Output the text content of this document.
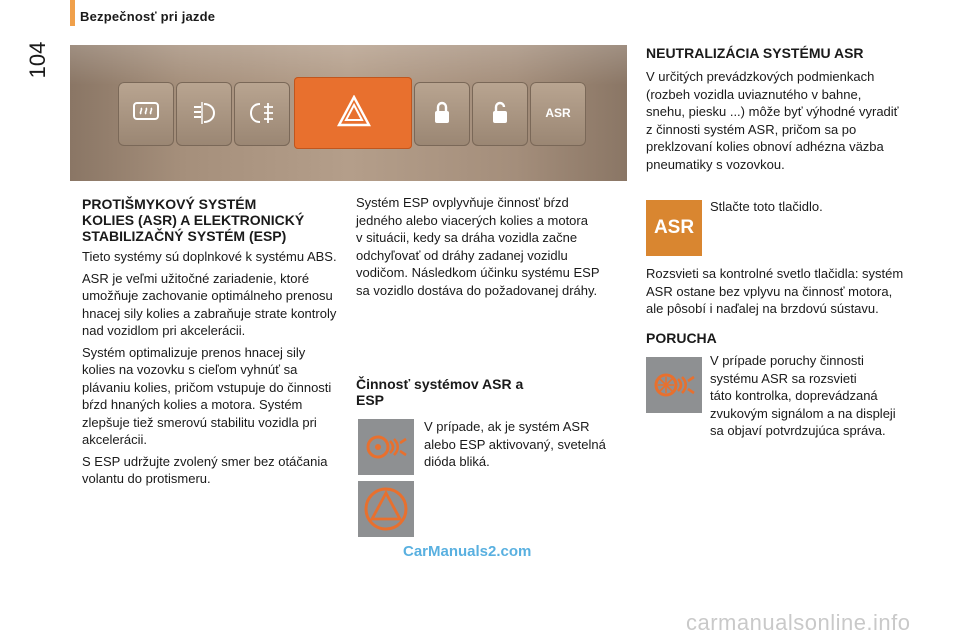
Bezpečnosť pri jazde
104
ASR
PROTIŠMYKOVÝ SYSTÉM
KOLIES (ASR) A ELEKTRONICKÝ
STABILIZAČNÝ SYSTÉM (ESP)
Tieto systémy sú doplnkové k systému ABS.
ASR je veľmi užitočné zariadenie, ktoré
umožňuje zachovanie optimálneho prenosu
hnacej sily kolies a zabraňuje strate kontroly
nad vozidlom pri akcelerácii.
Systém optimalizuje prenos hnacej sily
kolies na vozovku s cieľom vyhnúť sa
plávaniu kolies, pričom vstupuje do činnosti
bŕzd hnaných kolies a motora. Systém
zlepšuje tiež smerovú stabilitu vozidla pri
akcelerácii.
S ESP udržujte zvolený smer bez otáčania
volantu do protismeru.
Systém ESP ovplyvňuje činnosť bŕzd
jedného alebo viacerých kolies a motora
v situácii, kedy sa dráha vozidla začne
odchyľovať od dráhy zadanej vozidlu
vodičom. Následkom účinku systému ESP
sa vozidlo dostáva do požadovanej dráhy.
Činnosť systémov ASR a
ESP
V prípade, ak je systém ASR
alebo ESP aktivovaný, svetelná
dióda bliká.
CarManuals2.com
NEUTRALIZÁCIA SYSTÉMU ASR
V určitých prevádzkových podmienkach
(rozbeh vozidla uviaznutého v bahne,
snehu, piesku ...) môže byť výhodné vyradiť
z činnosti systém ASR, pričom sa po
preklzovaní kolies obnoví adhézna väzba
pneumatiky s vozovkou.
ASR
Stlačte toto tlačidlo.
Rozsvieti sa kontrolné svetlo tlačidla: systém
ASR ostane bez vplyvu na činnosť motora,
ale pôsobí i naďalej na brzdovú sústavu.
PORUCHA
V prípade poruchy činnosti
systému ASR sa rozsvieti
táto kontrolka, doprevádzaná
zvukovým signálom a na displeji
sa objaví potvrdzujúca správa.
carmanualsonline.info
